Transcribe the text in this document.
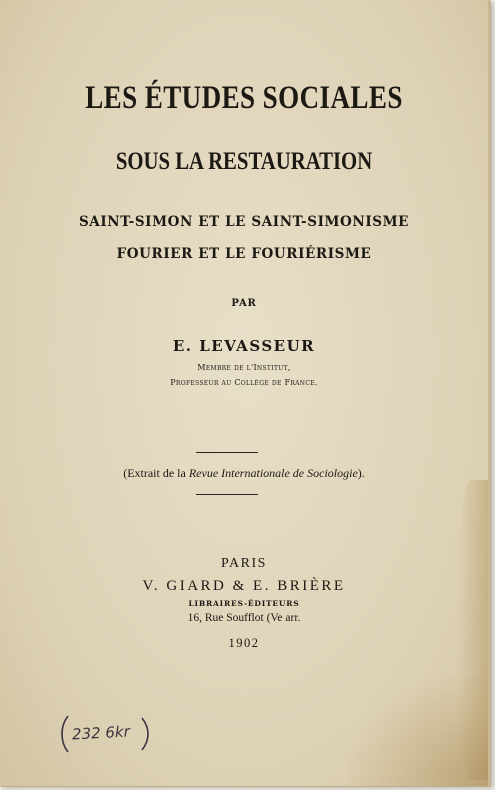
LES ÉTUDES SOCIALES
SOUS LA RESTAURATION
SAINT-SIMON ET LE SAINT-SIMONISME
FOURIER ET LE FOURIÉRISME
PAR
E. LEVASSEUR
Membre de l'Institut,
Professeur au Collège de France.
(Extrait de la Revue Internationale de Sociologie).
PARIS
V. GIARD & E. BRIÈRE
LIBRAIRES-ÉDITEURS
16, Rue Soufflot (Ve arr.
1902
232 6kr
